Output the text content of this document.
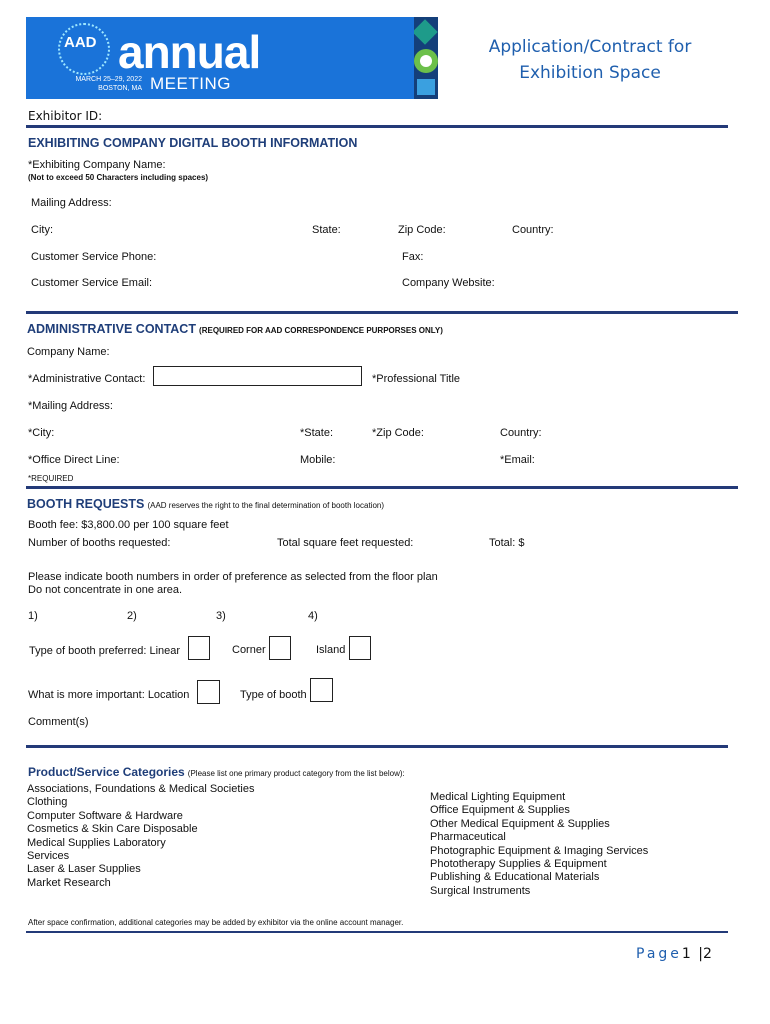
AAD annual
MARCH 25–29, 2022
BOSTON, MA MEETING
Application/Contract for
Exhibition Space
Exhibitor ID:
EXHIBITING COMPANY DIGITAL BOOTH INFORMATION
*Exhibiting Company Name:
(Not to exceed 50 Characters including spaces)
Mailing Address:
City:	State:	Zip Code:	Country:
Customer Service Phone:	Fax:
Customer Service Email:	Company Website:
ADMINISTRATIVE CONTACT (REQUIRED FOR AAD CORRESPONDENCE PURPORSES ONLY)
Company Name:
*Administrative Contact:	*Professional Title
*Mailing Address:
*City:	*State:	*Zip Code:	Country:
*Office Direct Line:	Mobile:	*Email:
*REQUIRED
BOOTH REQUESTS (AAD reserves the right to the final determination of booth location)
Booth fee: $3,800.00 per 100 square feet
Number of booths requested:	Total square feet requested:	Total: $
Please indicate booth numbers in order of preference as selected from the floor plan
Do not concentrate in one area.
1)	2)	3)	4)
Type of booth preferred: Linear	Corner	Island
What is more important: Location	Type of booth
Comment(s)
Product/Service Categories (Please list one primary product category from the list below):
Associations, Foundations & Medical Societies
Clothing
Computer Software & Hardware
Cosmetics & Skin Care Disposable
Medical Supplies Laboratory
Services
Laser & Laser Supplies
Market Research
Medical Lighting Equipment
Office Equipment & Supplies
Other Medical Equipment & Supplies
Pharmaceutical
Photographic Equipment & Imaging Services
Phototherapy Supplies & Equipment
Publishing & Educational Materials
Surgical Instruments
After space confirmation, additional categories may be added by exhibitor via the online account manager.
Page1 |2
